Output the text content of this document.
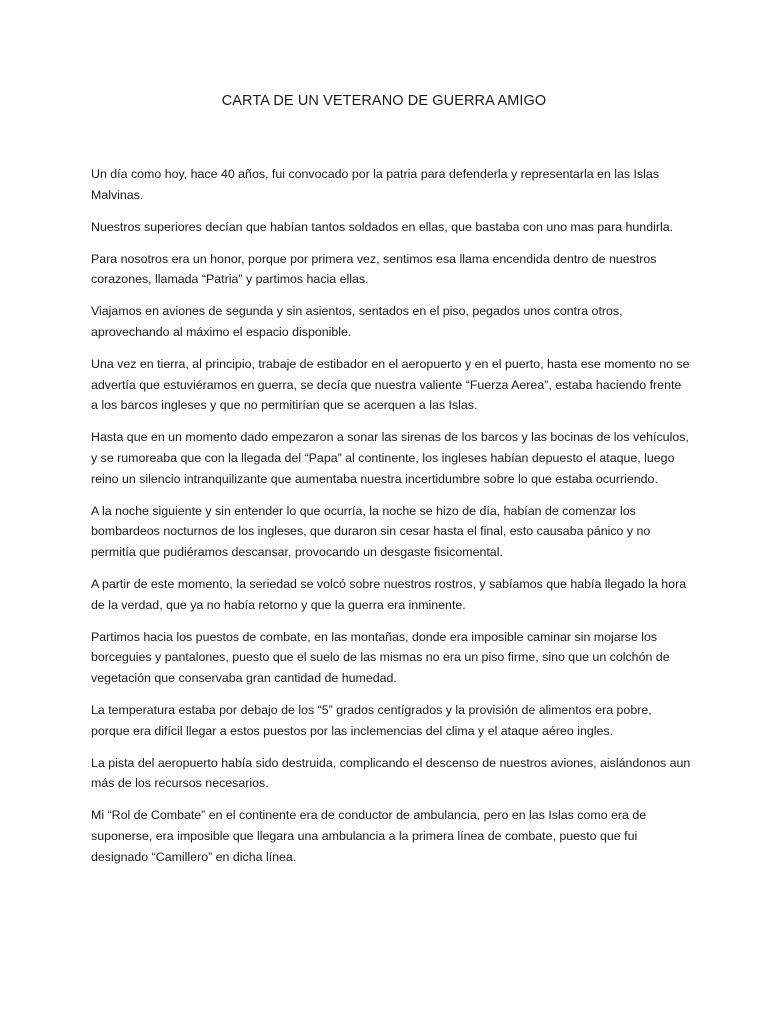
CARTA DE UN VETERANO DE GUERRA AMIGO

Un día como hoy, hace 40 años, fui convocado por la patria para defenderla y representarla en las Islas Malvinas.

Nuestros superiores decían que habían tantos soldados en ellas, que bastaba con uno mas para hundirla.

Para nosotros era un honor, porque por primera vez, sentimos esa llama encendida dentro de nuestros corazones, llamada “Patria” y partimos hacia ellas.

Viajamos en aviones de segunda y sin asientos, sentados en el piso, pegados unos contra otros, aprovechando al máximo el espacio disponible.

Una vez en tierra, al principio, trabaje de estibador en el aeropuerto y en el puerto, hasta ese momento no se advertía que estuviéramos en guerra, se decía que nuestra valiente “Fuerza Aerea”, estaba haciendo frente a los barcos ingleses y que no permitirían que se acerquen a las Islas.

Hasta que en un momento dado empezaron a sonar las sirenas de los barcos y las bocinas de los vehículos, y se rumoreaba que con la llegada del “Papa” al continente, los ingleses habían depuesto el ataque, luego reino un silencio intranquilizante que aumentaba nuestra incertidumbre sobre lo que estaba ocurriendo.

A la noche siguiente y sin entender lo que ocurría, la noche se hizo de día, habían de comenzar los bombardeos nocturnos de los ingleses, que duraron sin cesar hasta el final, esto causaba pánico y no permitía que pudiéramos descansar, provocando un desgaste fisicomental.

A partir de este momento, la seriedad se volcó sobre nuestros rostros, y sabíamos que había llegado la hora de la verdad, que ya no había retorno y que la guerra era inminente.

Partimos hacia los puestos de combate, en las montañas, donde era imposible caminar sin mojarse los borceguies y pantalones, puesto que el suelo de las mismas no era un piso firme, sino que un colchón de vegetación que conservaba gran cantidad de humedad.

La temperatura estaba por debajo de los “5” grados centígrados y la provisión de alimentos era pobre, porque era difícil llegar a estos puestos por las inclemencias del clima y el ataque aéreo ingles.

La pista del aeropuerto había sido destruida, complicando el descenso de nuestros aviones, aislándonos aun más de los recursos necesarios.

Mi “Rol de Combate” en el continente era de conductor de ambulancia, pero en las Islas como era de suponerse, era imposible que llegara una ambulancia a la primera línea de combate, puesto que fui designado “Camillero” en dicha línea.
